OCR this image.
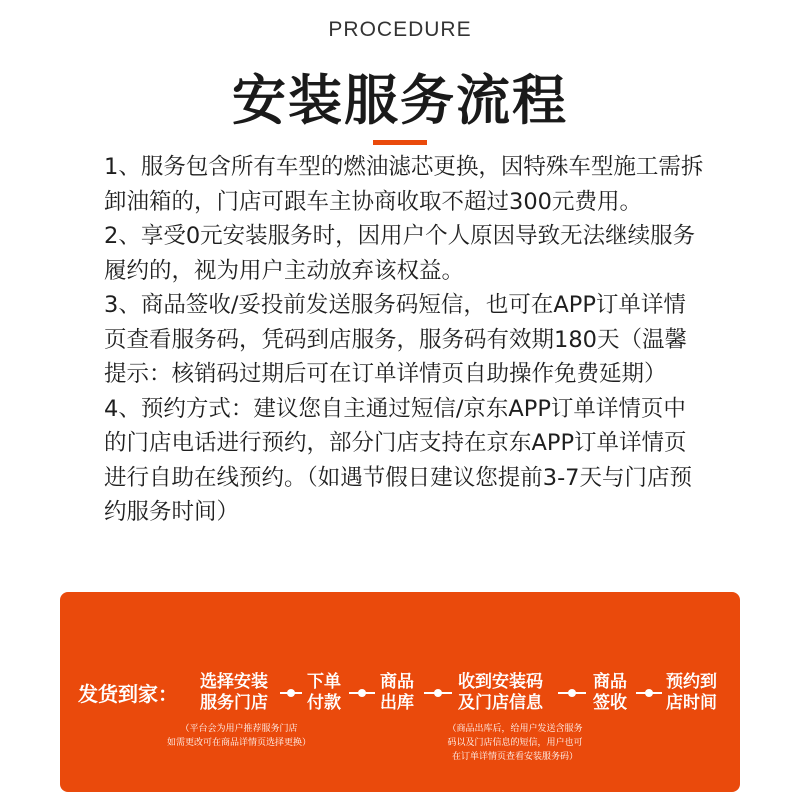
PROCEDURE
安装服务流程

1、服务包含所有车型的燃油滤芯更换，因特殊车型施工需拆卸油箱的，门店可跟车主协商收取不超过300元费用。

2、享受0元安装服务时，因用户个人原因导致无法继续服务履约的，视为用户主动放弃该权益。

3、商品签收/妥投前发送服务码短信，也可在APP订单详情页查看服务码，凭码到店服务，服务码有效期180天（温馨提示：核销码过期后可在订单详情页自助操作免费延期）

4、预约方式：建议您自主通过短信/京东APP订单详情页中的门店电话进行预约，部分门店支持在京东APP订单详情页进行自助在线预约。（如遇节假日建议您提前3-7天与门店预约服务时间）

发货到家： 选择安装
服务门店
下单
付款
商品
出库
收到安装码
及门店信息
商品
签收
预约到
店时间
（平台会为用户推荐服务门店
如需更改可在商品详情页选择更换）
（商品出库后，给用户发送含服务
码以及门店信息的短信，用户也可
在订单详情页查看安装服务码）
